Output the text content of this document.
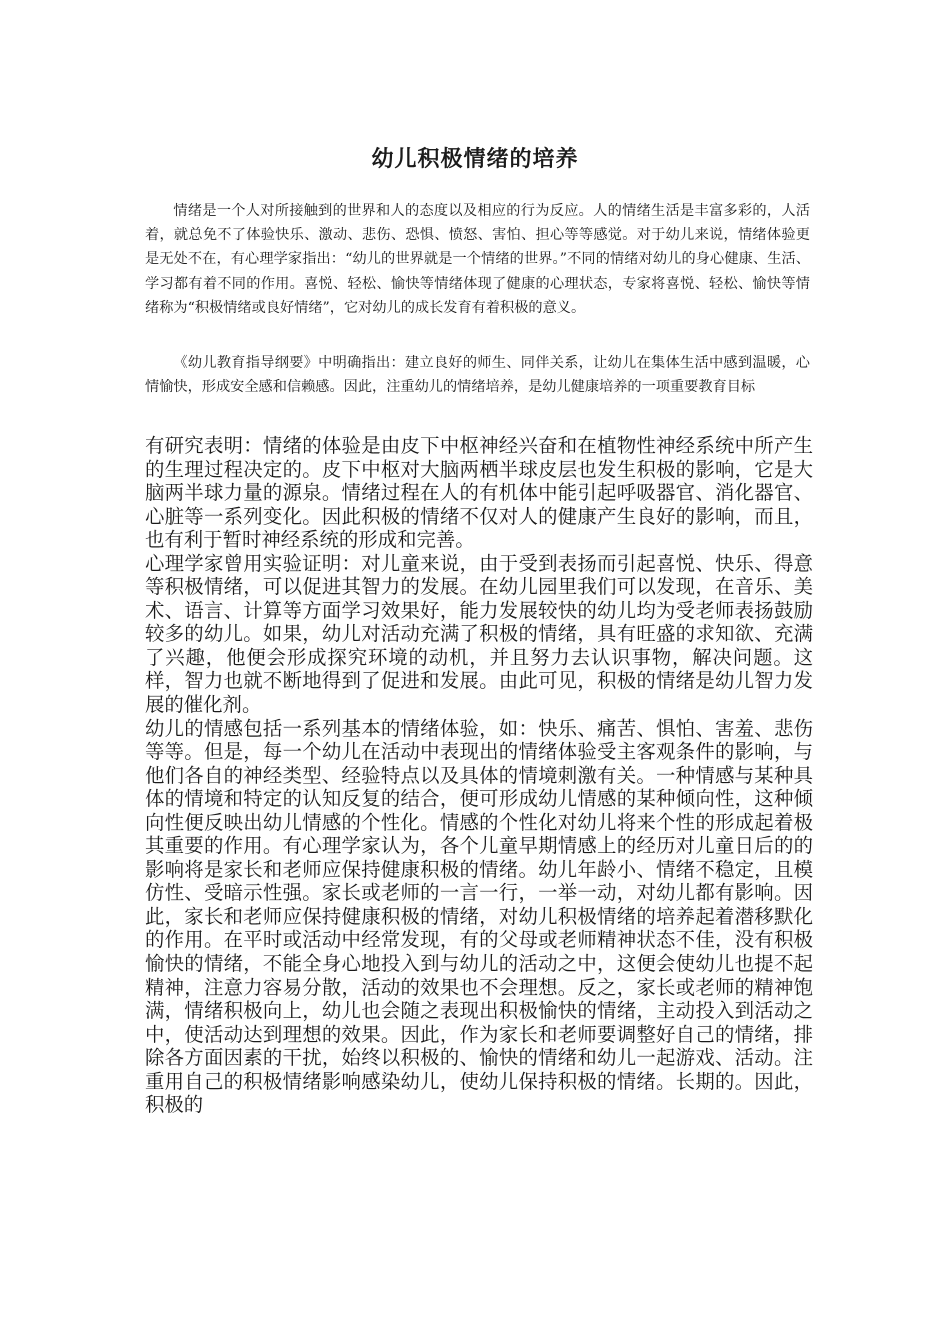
幼儿积极情绪的培养

情绪是一个人对所接触到的世界和人的态度以及相应的行为反应。人的情绪生活是丰富多彩的，人活着，就总免不了体验快乐、激动、悲伤、恐惧、愤怒、害怕、担心等等感觉。对于幼儿来说，情绪体验更是无处不在，有心理学家指出：“幼儿的世界就是一个情绪的世界。”不同的情绪对幼儿的身心健康、生活、学习都有着不同的作用。喜悦、轻松、愉快等情绪体现了健康的心理状态，专家将喜悦、轻松、愉快等情绪称为“积极情绪或良好情绪”，它对幼儿的成长发育有着积极的意义。

《幼儿教育指导纲要》中明确指出：建立良好的师生、同伴关系，让幼儿在集体生活中感到温暖，心情愉快，形成安全感和信赖感。因此，注重幼儿的情绪培养，是幼儿健康培养的一项重要教育目标

有研究表明：情绪的体验是由皮下中枢神经兴奋和在植物性神经系统中所产生的生理过程决定的。皮下中枢对大脑两栖半球皮层也发生积极的影响，它是大脑两半球力量的源泉。情绪过程在人的有机体中能引起呼吸器官、消化器官、心脏等一系列变化。因此积极的情绪不仅对人的健康产生良好的影响，而且，也有利于暂时神经系统的形成和完善。

心理学家曾用实验证明：对儿童来说，由于受到表扬而引起喜悦、快乐、得意等积极情绪，可以促进其智力的发展。在幼儿园里我们可以发现，在音乐、美术、语言、计算等方面学习效果好，能力发展较快的幼儿均为受老师表扬鼓励较多的幼儿。如果，幼儿对活动充满了积极的情绪，具有旺盛的求知欲、充满了兴趣，他便会形成探究环境的动机，并且努力去认识事物，解决问题。这样，智力也就不断地得到了促进和发展。由此可见，积极的情绪是幼儿智力发展的催化剂。

幼儿的情感包括一系列基本的情绪体验，如：快乐、痛苦、惧怕、害羞、悲伤等等。但是，每一个幼儿在活动中表现出的情绪体验受主客观条件的影响，与他们各自的神经类型、经验特点以及具体的情境刺激有关。一种情感与某种具体的情境和特定的认知反复的结合，便可形成幼儿情感的某种倾向性，这种倾向性便反映出幼儿情感的个性化。情感的个性化对幼儿将来个性的形成起着极其重要的作用。有心理学家认为，各个儿童早期情感上的经历对儿童日后的的影响将是家长和老师应保持健康积极的情绪。幼儿年龄小、情绪不稳定，且模仿性、受暗示性强。家长或老师的一言一行，一举一动，对幼儿都有影响。因此，家长和老师应保持健康积极的情绪，对幼儿积极情绪的培养起着潜移默化的作用。在平时或活动中经常发现，有的父母或老师精神状态不佳，没有积极愉快的情绪，不能全身心地投入到与幼儿的活动之中，这便会使幼儿也提不起精神，注意力容易分散，活动的效果也不会理想。反之，家长或老师的精神饱满，情绪积极向上，幼儿也会随之表现出积极愉快的情绪，主动投入到活动之中，使活动达到理想的效果。因此，作为家长和老师要调整好自己的情绪，排除各方面因素的干扰，始终以积极的、愉快的情绪和幼儿一起游戏、活动。注重用自己的积极情绪影响感染幼儿，使幼儿保持积极的情绪。长期的。因此，积极的
